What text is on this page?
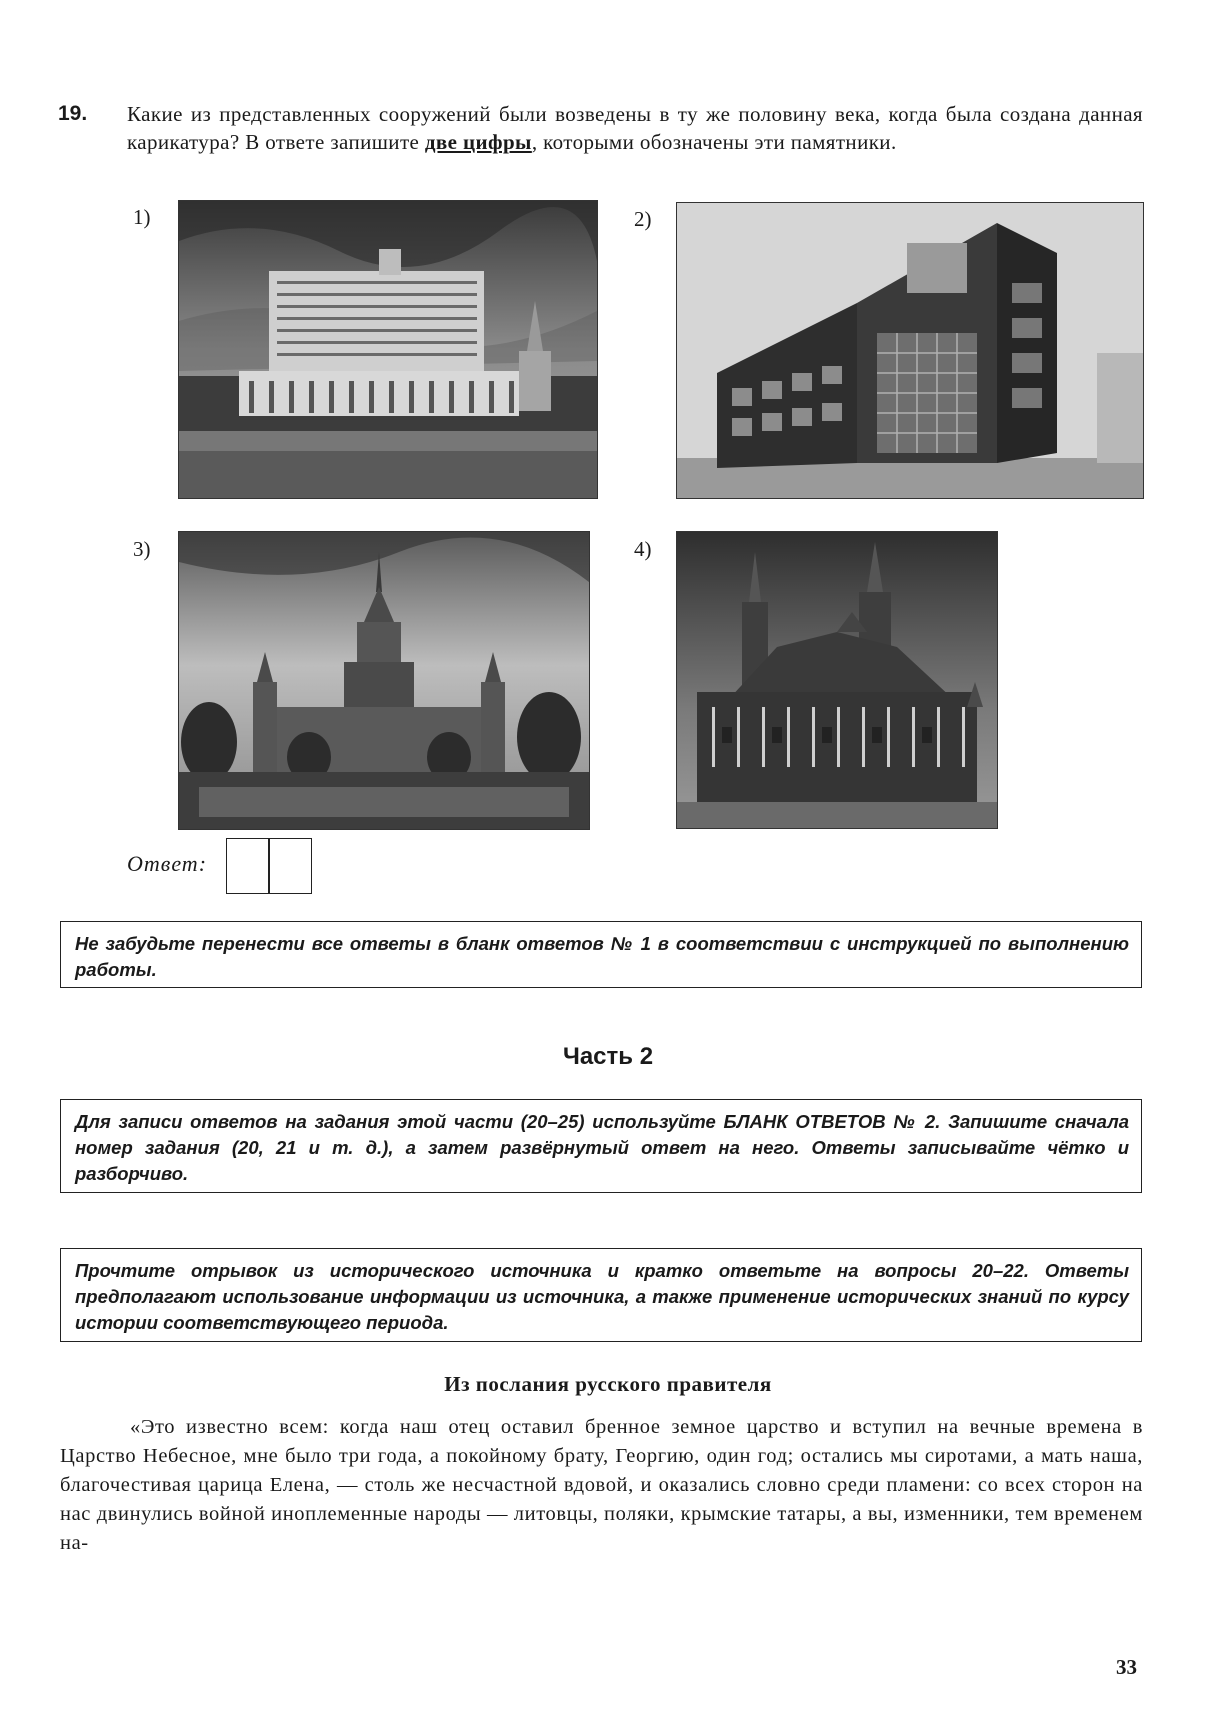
19. Какие из представленных сооружений были возведены в ту же половину века, когда была создана данная карикатура? В ответе запишите две цифры, которыми обозначены эти памятники.
1)	2)
3)	4)
Ответ:
Не забудьте перенести все ответы в бланк ответов № 1 в соответствии с инструкцией по выполнению работы.
Часть 2
Для записи ответов на задания этой части (20–25) используйте БЛАНК ОТВЕТОВ № 2. Запишите сначала номер задания (20, 21 и т. д.), а затем развёрнутый ответ на него. Ответы записывайте чётко и разборчиво.
Прочтите отрывок из исторического источника и кратко ответьте на вопросы 20–22. Ответы предполагают использование информации из источника, а также применение исторических знаний по курсу истории соответствующего периода.
Из послания русского правителя

«Это известно всем: когда наш отец оставил бренное земное царство и вступил на вечные времена в Царство Небесное, мне было три года, а покойному брату, Георгию, один год; остались мы сиротами, а мать наша, благочестивая царица Елена, — столь же несчастной вдовой, и оказались словно среди пламени: со всех сторон на нас двинулись войной иноплеменные народы — литовцы, поляки, крымские татары, а вы, изменники, тем временем на-

33
